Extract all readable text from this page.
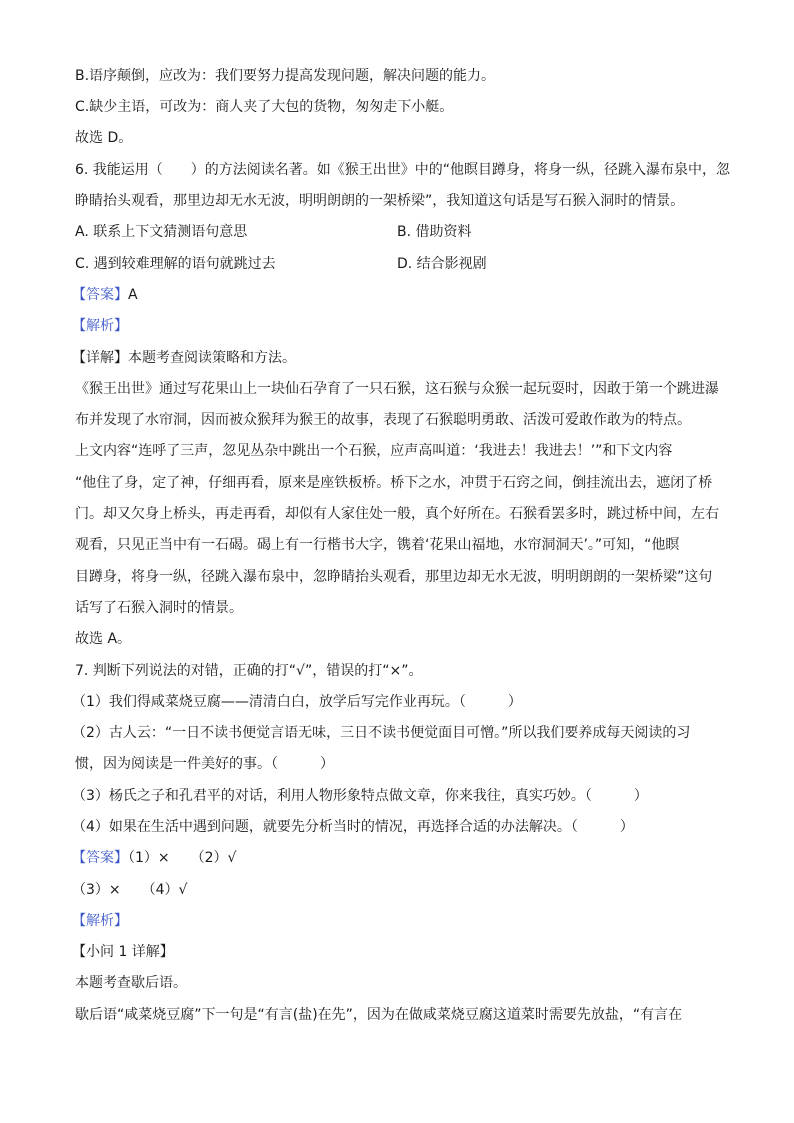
B.语序颠倒，应改为：我们要努力提高发现问题，解决问题的能力。
C.缺少主语，可改为：商人夹了大包的货物，匆匆走下小艇。
故选 D。
6. 我能运用（　　）的方法阅读名著。如《猴王出世》中的“他瞑目蹲身，将身一纵，径跳入瀑布泉中，忽
睁睛抬头观看，那里边却无水无波，明明朗朗的一架桥梁”，我知道这句话是写石猴入洞时的情景。
A. 联系上下文猜测语句意思	B. 借助资料
C. 遇到较难理解的语句就跳过去	D. 结合影视剧
【答案】A
【解析】
【详解】本题考查阅读策略和方法。
《猴王出世》通过写花果山上一块仙石孕育了一只石猴，这石猴与众猴一起玩耍时，因敢于第一个跳进瀑
布并发现了水帘洞，因而被众猴拜为猴王的故事，表现了石猴聪明勇敢、活泼可爱敢作敢为的特点。
上文内容“连呼了三声，忽见丛杂中跳出一个石猴，应声高叫道：‘我进去！我进去！’”和下文内容
“他住了身，定了神，仔细再看，原来是座铁板桥。桥下之水，冲贯于石窍之间，倒挂流出去，遮闭了桥
门。却又欠身上桥头，再走再看，却似有人家住处一般，真个好所在。石猴看罢多时，跳过桥中间，左右
观看，只见正当中有一石碣。碣上有一行楷书大字，镌着‘花果山福地，水帘洞洞天’。”可知，“他瞑
目蹲身，将身一纵，径跳入瀑布泉中，忽睁睛抬头观看，那里边却无水无波，明明朗朗的一架桥梁”这句
话写了石猴入洞时的情景。
故选 A。
7. 判断下列说法的对错，正确的打“√”，错误的打“×”。
（1）我们得咸菜烧豆腐——清清白白，放学后写完作业再玩。（　　　）
（2）古人云：“一日不读书便觉言语无味，三日不读书便觉面目可憎。”所以我们要养成每天阅读的习
惯，因为阅读是一件美好的事。（　　　）
（3）杨氏之子和孔君平的对话，利用人物形象特点做文章，你来我往，真实巧妙。（　　　）
（4）如果在生活中遇到问题，就要先分析当时的情况，再选择合适的办法解决。（　　　）
【答案】（1）×　　（2）√
（3）×　　（4）√
【解析】
【小问 1 详解】
本题考查歇后语。
歇后语“咸菜烧豆腐”下一句是“有言(盐)在先”，因为在做咸菜烧豆腐这道菜时需要先放盐，“有言在
